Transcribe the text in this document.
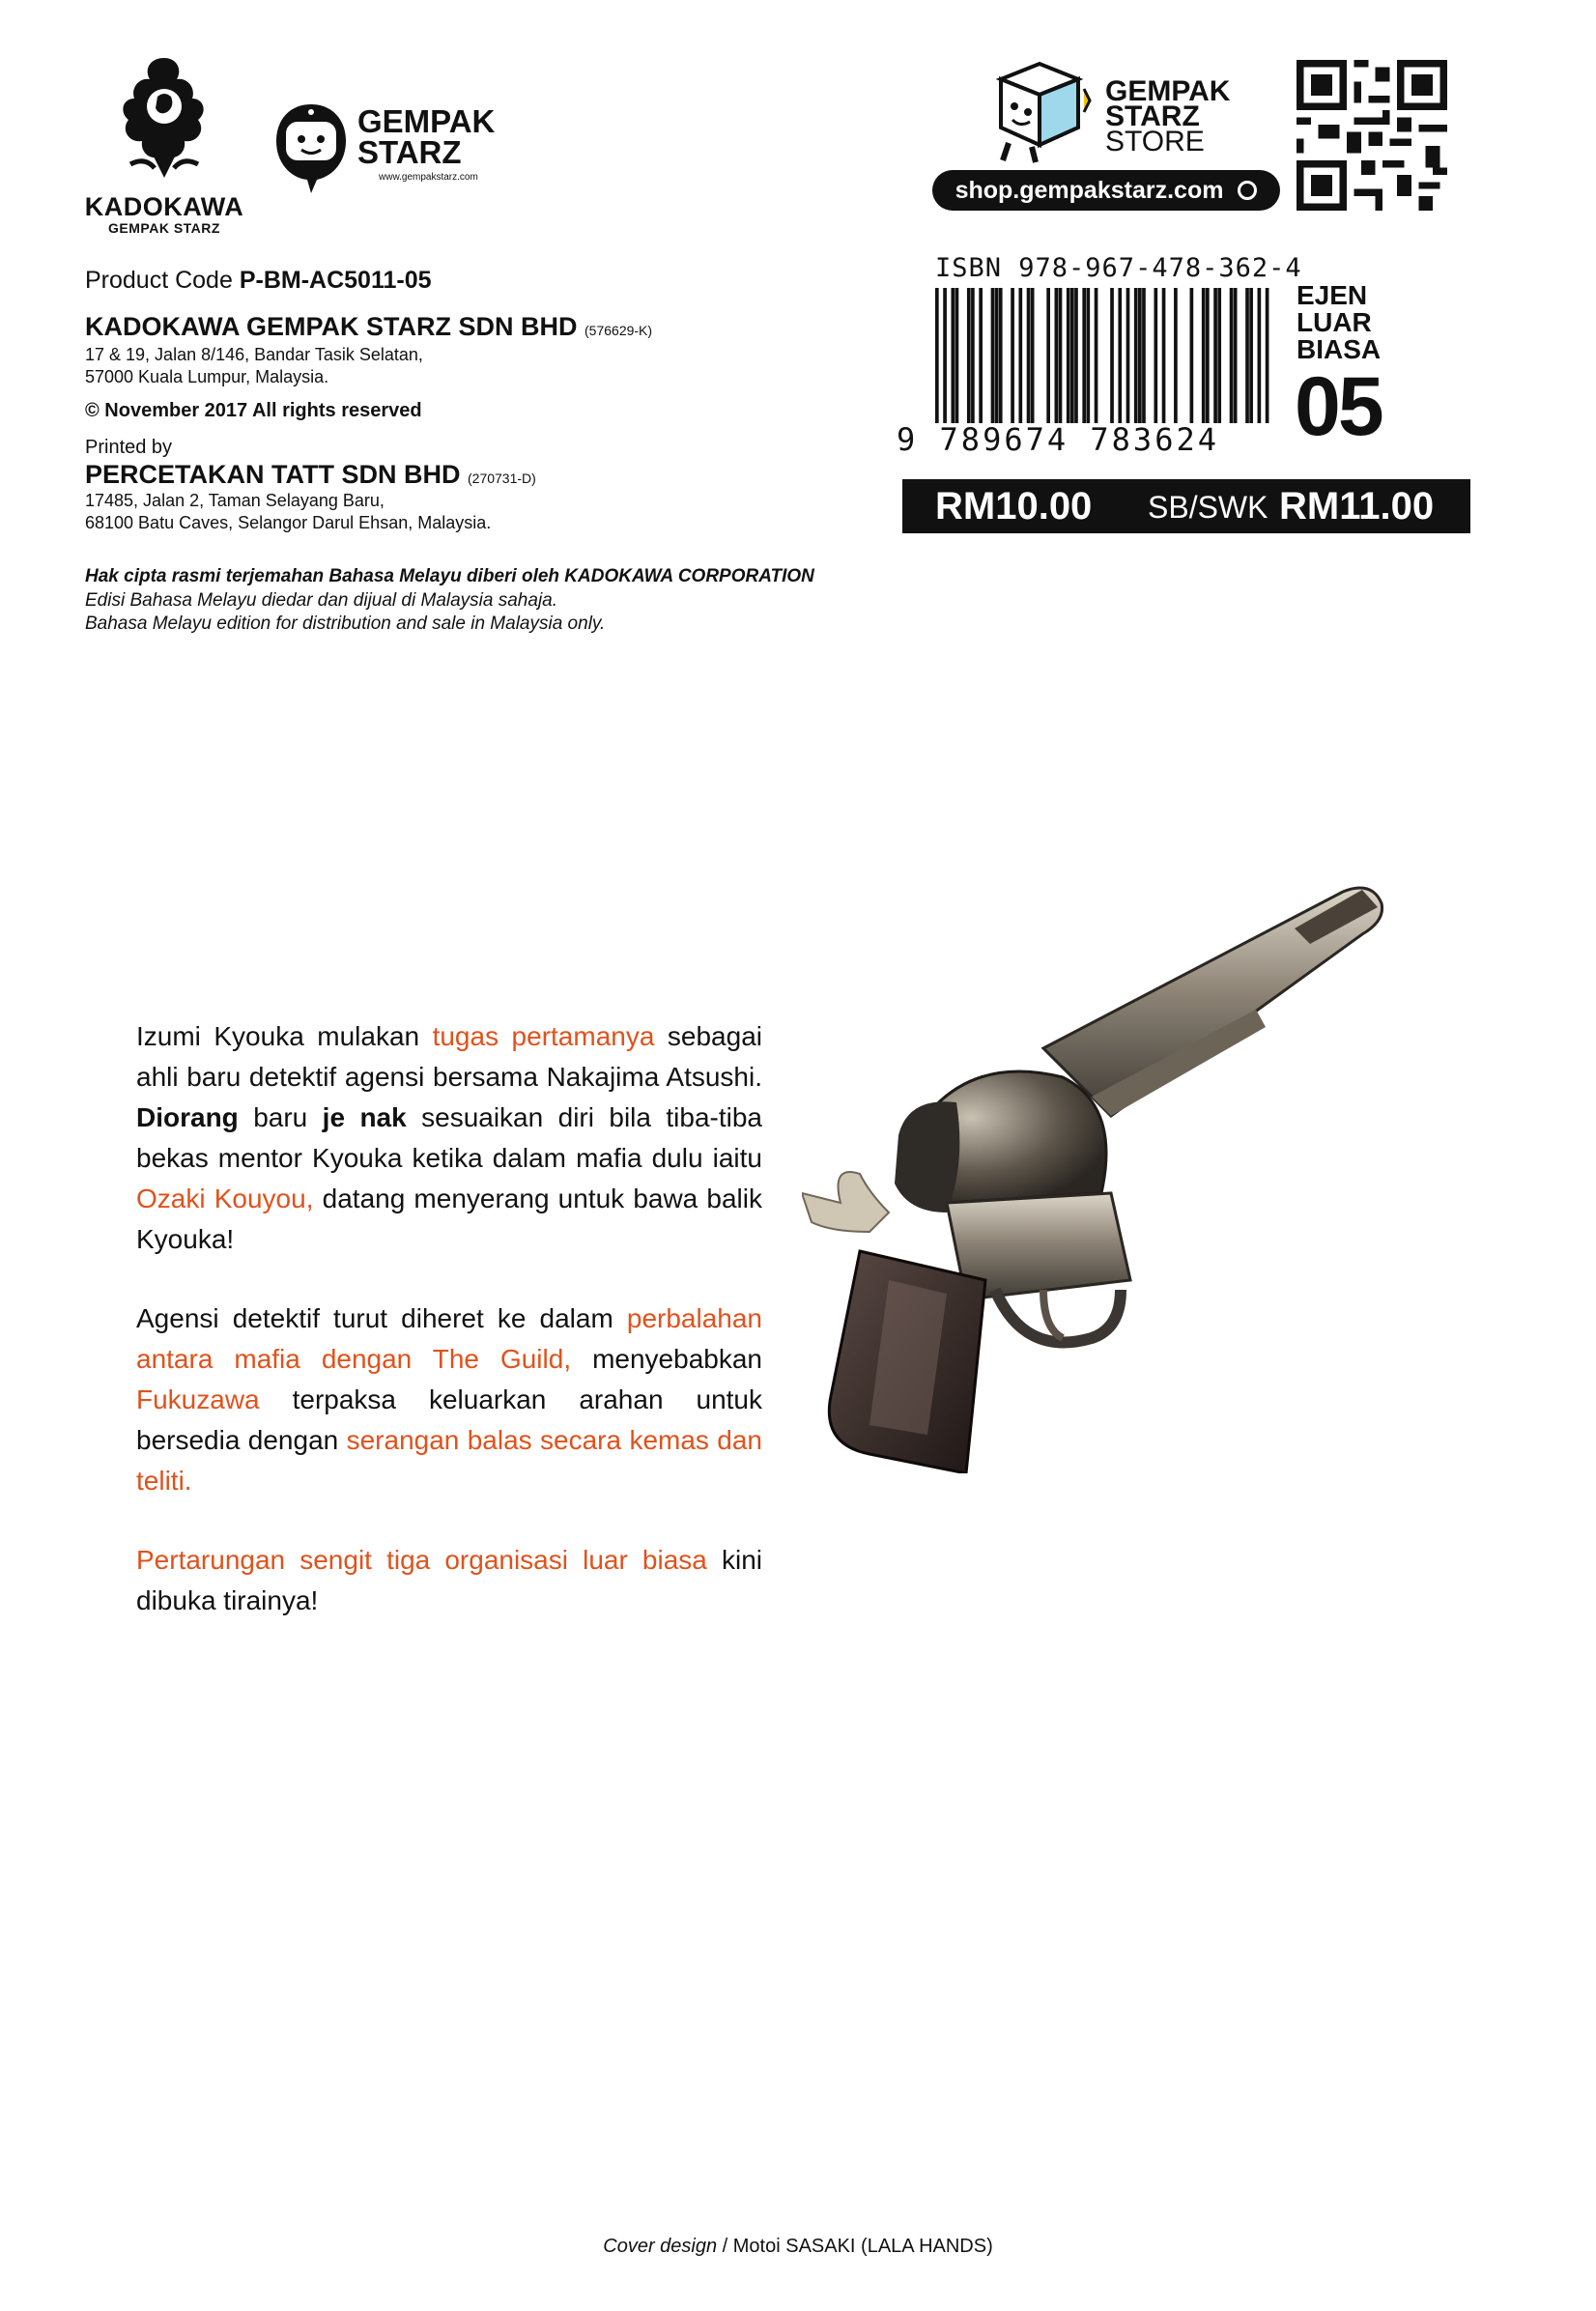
KADOKAWA
GEMPAK STARZ
GEMPAK
STARZ
www.gempakstarz.com
GEMPAK
STARZ
STORE
shop.gempakstarz.com
Product Code P-BM-AC5011-05
KADOKAWA GEMPAK STARZ SDN BHD (576629-K)
17 & 19, Jalan 8/146, Bandar Tasik Selatan,
57000 Kuala Lumpur, Malaysia.
© November 2017 All rights reserved
Printed by
PERCETAKAN TATT SDN BHD (270731-D)
17485, Jalan 2, Taman Selayang Baru,
68100 Batu Caves, Selangor Darul Ehsan, Malaysia.
Hak cipta rasmi terjemahan Bahasa Melayu diberi oleh KADOKAWA CORPORATION
Edisi Bahasa Melayu diedar dan dijual di Malaysia sahaja.
Bahasa Melayu edition for distribution and sale in Malaysia only.
ISBN 978-967-478-362-4
9 789674 783624
EJEN
LUAR
BIASA
05
RM10.00 SB/SWK RM11.00

Izumi Kyouka mulakan tugas pertamanya sebagai ahli baru detektif agensi bersama Nakajima Atsushi. Diorang baru je nak sesuaikan diri bila tiba-tiba bekas mentor Kyouka ketika dalam mafia dulu iaitu Ozaki Kouyou, datang menyerang untuk bawa balik Kyouka!

Agensi detektif turut diheret ke dalam perbalahan antara mafia dengan The Guild, menyebabkan Fukuzawa terpaksa keluarkan arahan untuk bersedia dengan serangan balas secara kemas dan teliti.

Pertarungan sengit tiga organisasi luar biasa kini dibuka tirainya!

Cover design / Motoi SASAKI (LALA HANDS)
